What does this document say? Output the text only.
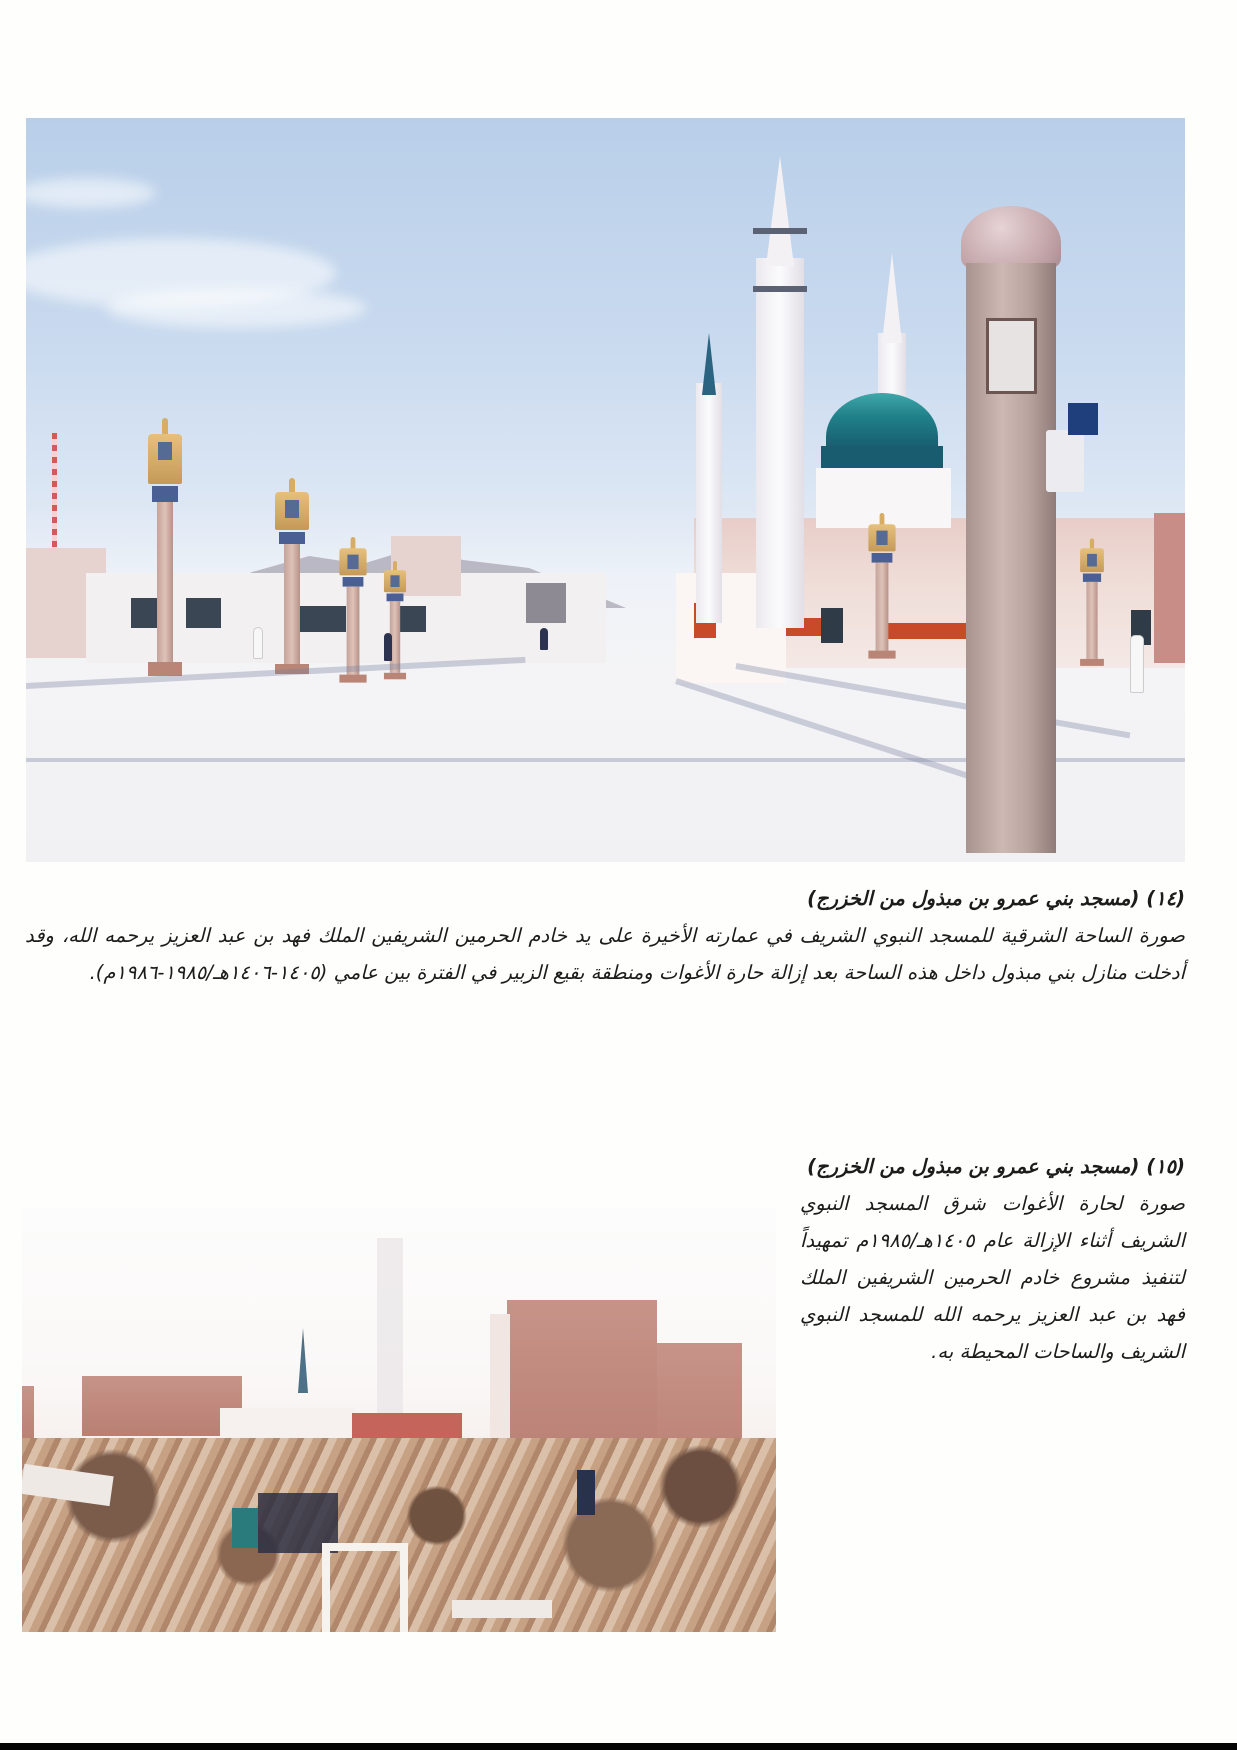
(١٤) (مسجد بني عمرو بن مبذول من الخزرج)
صورة الساحة الشرقية للمسجد النبوي الشريف في عمارته الأخيرة على يد خادم الحرمين الشريفين الملك فهد بن عبد العزيز يرحمه الله، وقد أدخلت منازل بني مبذول داخل هذه الساحة بعد إزالة حارة الأغوات ومنطقة بقيع الزبير في الفترة بين عامي (١٤٠٥-١٤٠٦هـ/١٩٨٥-١٩٨٦م).
(١٥) (مسجد بني عمرو بن مبذول من الخزرج)
صورة لحارة الأغوات شرق المسجد النبوي الشريف أثناء الإزالة عام ١٤٠٥هـ/١٩٨٥م تمهيداً لتنفيذ مشروع خادم الحرمين الشريفين الملك فهد بن عبد العزيز يرحمه الله للمسجد النبوي الشريف والساحات المحيطة به.
